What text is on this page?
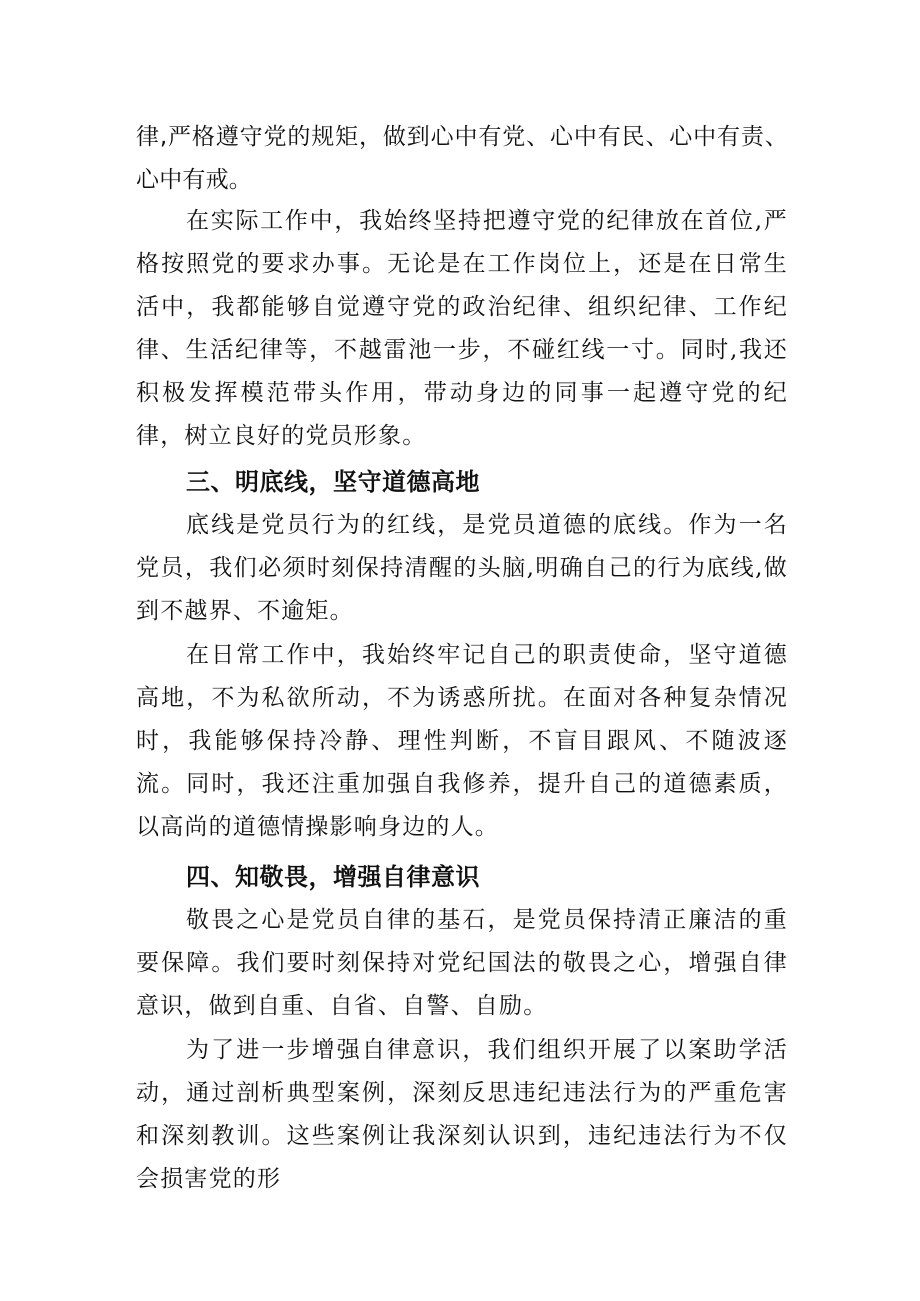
律,严格遵守党的规矩，做到心中有党、心中有民、心中有责、心中有戒。

在实际工作中，我始终坚持把遵守党的纪律放在首位,严格按照党的要求办事。无论是在工作岗位上，还是在日常生活中，我都能够自觉遵守党的政治纪律、组织纪律、工作纪律、生活纪律等，不越雷池一步，不碰红线一寸。同时,我还积极发挥模范带头作用，带动身边的同事一起遵守党的纪律，树立良好的党员形象。

三、明底线，坚守道德高地

底线是党员行为的红线，是党员道德的底线。作为一名党员，我们必须时刻保持清醒的头脑,明确自己的行为底线,做到不越界、不逾矩。

在日常工作中，我始终牢记自己的职责使命，坚守道德高地，不为私欲所动，不为诱惑所扰。在面对各种复杂情况时，我能够保持冷静、理性判断，不盲目跟风、不随波逐流。同时，我还注重加强自我修养，提升自己的道德素质，以高尚的道德情操影响身边的人。

四、知敬畏，增强自律意识

敬畏之心是党员自律的基石，是党员保持清正廉洁的重要保障。我们要时刻保持对党纪国法的敬畏之心，增强自律意识，做到自重、自省、自警、自励。

为了进一步增强自律意识，我们组织开展了以案助学活动，通过剖析典型案例，深刻反思违纪违法行为的严重危害和深刻教训。这些案例让我深刻认识到，违纪违法行为不仅会损害党的形
